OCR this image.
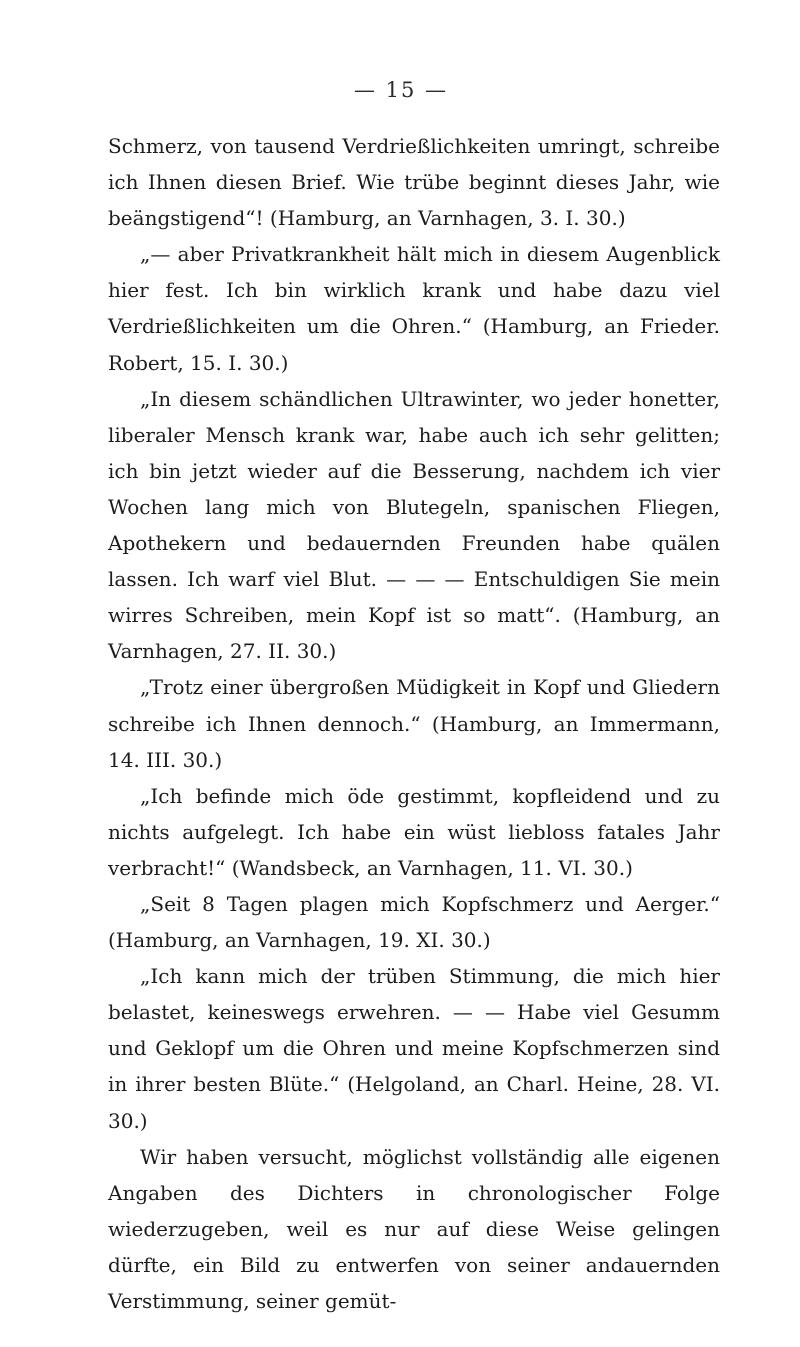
— 15 —

Schmerz, von tausend Verdrießlichkeiten umringt, schreibe ich Ihnen diesen Brief. Wie trübe beginnt dieses Jahr, wie beängstigend“! (Hamburg, an Varnhagen, 3. I. 30.)

„— aber Privatkrankheit hält mich in diesem Augenblick hier fest. Ich bin wirklich krank und habe dazu viel Verdrießlichkeiten um die Ohren.“ (Hamburg, an Frieder. Robert, 15. I. 30.)

„In diesem schändlichen Ultrawinter, wo jeder honetter, liberaler Mensch krank war, habe auch ich sehr gelitten; ich bin jetzt wieder auf die Besserung, nachdem ich vier Wochen lang mich von Blutegeln, spanischen Fliegen, Apothekern und bedauernden Freunden habe quälen lassen. Ich warf viel Blut. — — — Entschuldigen Sie mein wirres Schreiben, mein Kopf ist so matt“. (Hamburg, an Varnhagen, 27. II. 30.)

„Trotz einer übergroßen Müdigkeit in Kopf und Gliedern schreibe ich Ihnen dennoch.“ (Hamburg, an Immermann, 14. III. 30.)

„Ich befinde mich öde gestimmt, kopfleidend und zu nichts aufgelegt. Ich habe ein wüst liebloss fatales Jahr verbracht!“ (Wandsbeck, an Varnhagen, 11. VI. 30.)

„Seit 8 Tagen plagen mich Kopfschmerz und Aerger.“ (Hamburg, an Varnhagen, 19. XI. 30.)

„Ich kann mich der trüben Stimmung, die mich hier belastet, keineswegs erwehren. — — Habe viel Gesumm und Geklopf um die Ohren und meine Kopfschmerzen sind in ihrer besten Blüte.“ (Helgoland, an Charl. Heine, 28. VI. 30.)

Wir haben versucht, möglichst vollständig alle eigenen Angaben des Dichters in chronologischer Folge wiederzugeben, weil es nur auf diese Weise gelingen dürfte, ein Bild zu entwerfen von seiner andauernden Verstimmung, seiner gemüt-
